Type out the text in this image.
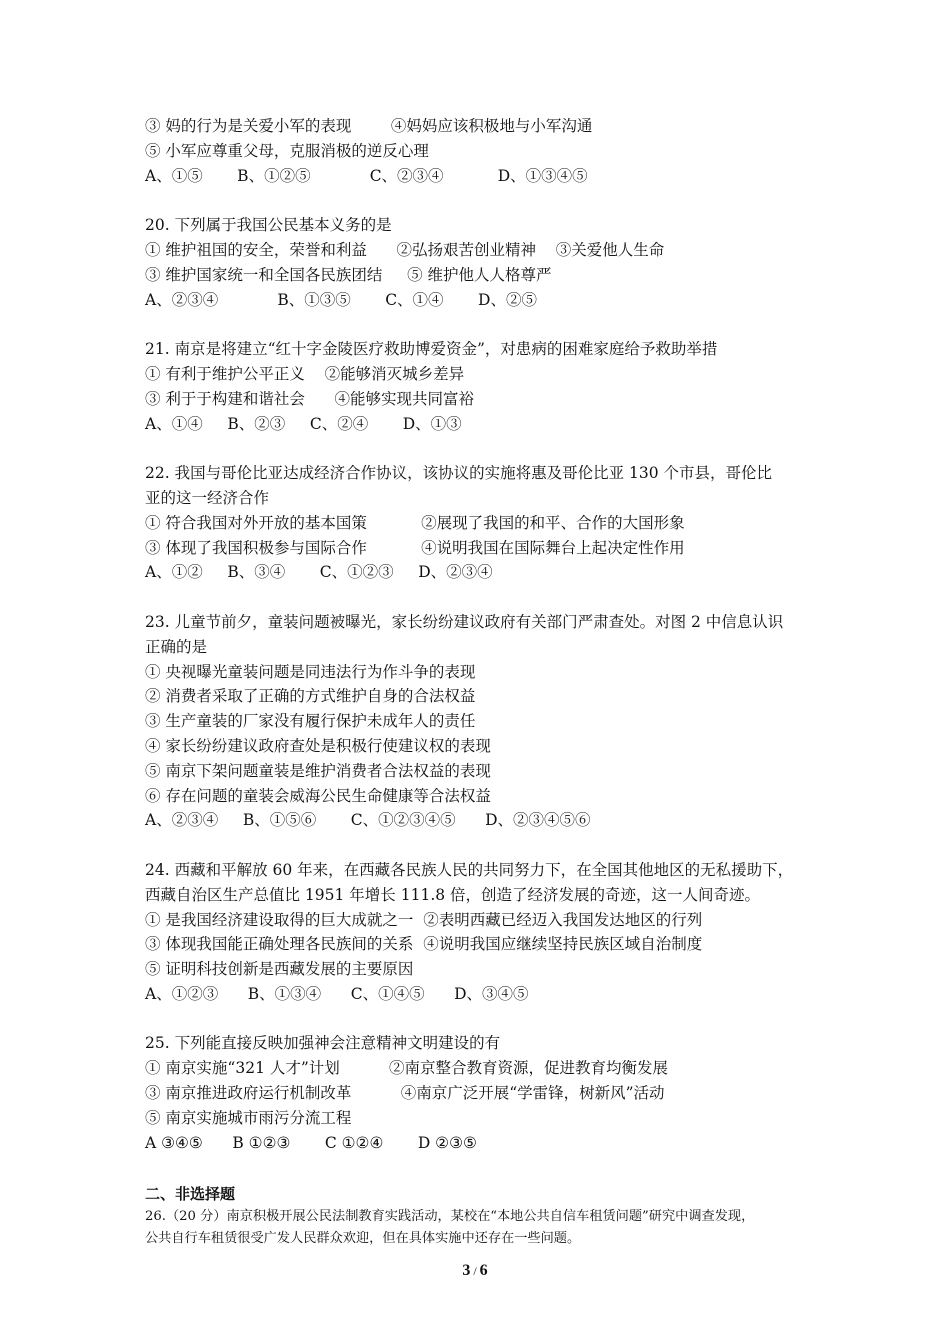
③ 妈的行为是关爱小军的表现        ④妈妈应该积极地与小军沟通
⑤ 小军应尊重父母，克服消极的逆反心理
A、①⑤       B、①②⑤            C、②③④           D、①③④⑤
20. 下列属于我国公民基本义务的是
① 维护祖国的安全，荣誉和利益      ②弘扬艰苦创业精神    ③关爱他人生命
③ 维护国家统一和全国各民族团结     ⑤ 维护他人人格尊严
A、②③④            B、①③⑤       C、①④       D、②⑤
21. 南京是将建立“红十字金陵医疗救助博爱资金”，对患病的困难家庭给予救助举措
① 有利于维护公平正义    ②能够消灭城乡差异
③ 利于于构建和谐社会      ④能够实现共同富裕
A、①④     B、②③     C、②④       D、①③
22. 我国与哥伦比亚达成经济合作协议，该协议的实施将惠及哥伦比亚 130 个市县，哥伦比
亚的这一经济合作
① 符合我国对外开放的基本国策           ②展现了我国的和平、合作的大国形象
③ 体现了我国积极参与国际合作           ④说明我国在国际舞台上起决定性作用
A、①②     B、③④       C、①②③     D、②③④
23. 儿童节前夕，童装问题被曝光，家长纷纷建议政府有关部门严肃查处。对图 2 中信息认识
正确的是
① 央视曝光童装问题是同违法行为作斗争的表现
② 消费者采取了正确的方式维护自身的合法权益
③ 生产童装的厂家没有履行保护未成年人的责任
④ 家长纷纷建议政府查处是积极行使建议权的表现
⑤ 南京下架问题童装是维护消费者合法权益的表现
⑥ 存在问题的童装会威海公民生命健康等合法权益
A、②③④     B、①⑤⑥       C、①②③④⑤      D、②③④⑤⑥
24. 西藏和平解放 60 年来，在西藏各民族人民的共同努力下，在全国其他地区的无私援助下，
西藏自治区生产总值比 1951 年增长 111.8 倍，创造了经济发展的奇迹，这一人间奇迹。
① 是我国经济建设取得的巨大成就之一  ②表明西藏已经迈入我国发达地区的行列
③ 体现我国能正确处理各民族间的关系  ④说明我国应继续坚持民族区域自治制度
⑤ 证明科技创新是西藏发展的主要原因
A、①②③      B、①③④      C、①④⑤      D、③④⑤
25. 下列能直接反映加强神会注意精神文明建设的有
① 南京实施“321 人才”计划          ②南京整合教育资源，促进教育均衡发展
③ 南京推进政府运行机制改革          ④南京广泛开展“学雷锋，树新风”活动
⑤ 南京实施城市雨污分流工程
A ③④⑤      B ①②③       C ①②④       D ②③⑤
二、非选择题
26.（20 分）南京积极开展公民法制教育实践活动，某校在“本地公共自信车租赁问题”研究中调查发现，
公共自行车租赁很受广发人民群众欢迎，但在具体实施中还存在一些问题。
3 / 6
